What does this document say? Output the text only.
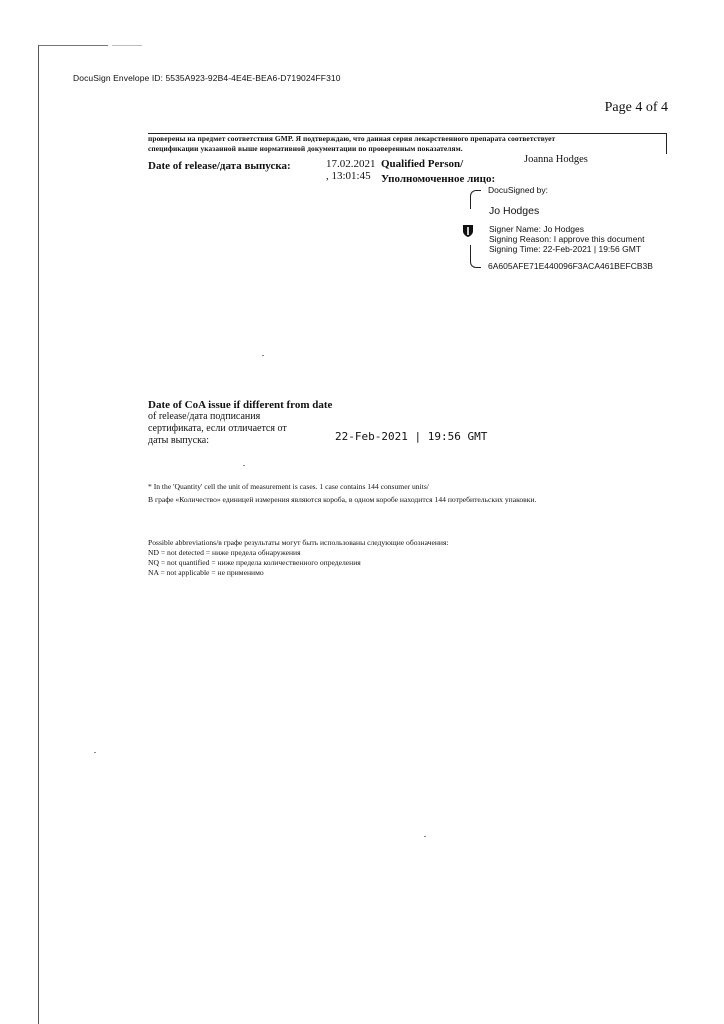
DocuSign Envelope ID: 5535A923-92B4-4E4E-BEA6-D719024FF310
Page 4 of 4
проверены на предмет соответствия GMP. Я подтверждаю, что данная серия лекарственного препарата соответствует
спецификации указанной выше нормативной документации по проверенным показателям.
Date of release/дата выпуска:	17.02.2021
, 13:01:45
Qualified Person/
Уполномоченное лицо:
Joanna Hodges
DocuSigned by:
Jo Hodges
Signer Name: Jo Hodges
Signing Reason: I approve this document
Signing Time: 22-Feb-2021 | 19:56 GMT
6A605AFE71E440096F3ACA461BEFCB3B
Date of CoA issue if different from date
of release/дата подписания
сертификата, если отличается от
даты выпуска:	22-Feb-2021 | 19:56 GMT
* In the 'Quantity' cell the unit of measurement is cases. 1 case contains 144 consumer units/
В графе «Количество» единицей измерения являются короба, в одном коробе находится 144 потребительских упаковки.
Possible abbreviations/в графе результаты могут быть использованы следующие обозначения:
ND = not detected = ниже предела обнаружения
NQ = not quantified = ниже предела количественного определения
NA = not applicable = не применимо
